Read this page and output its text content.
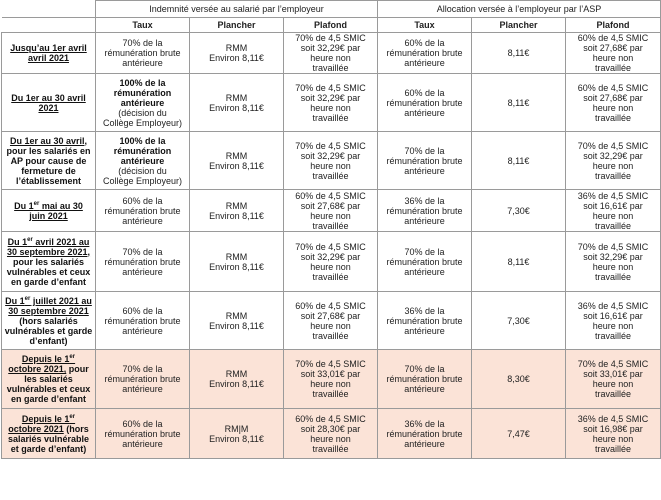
	Indemnité versée au salarié par l’employeur			Allocation versée à l’employeur par l’ASP		
	Taux	Plancher	Plafond	Taux	Plancher	Plafond

Jusqu’au 1er avril
avril 2021	70% de la
rémunération brute
antérieure	RMM
Environ 8,11€	70% de 4,5 SMIC
soit 32,29€ par
heure non
travaillée	60% de la
rémunération brute
antérieure	8,11€	60% de 4,5 SMIC
soit 27,68€ par
heure non
travaillée

Du 1er au 30 avril
2021	100% de la
rémunération
antérieure
(décision du
Collège Employeur)	RMM
Environ 8,11€	70% de 4,5 SMIC
soit 32,29€ par
heure non
travaillée	60% de la
rémunération brute
antérieure	8,11€	60% de 4,5 SMIC
soit 27,68€ par
heure non
travaillée

Du 1er au 30 avril,
pour les salariés en
AP pour cause de
fermeture de
l’établissement	100% de la
rémunération
antérieure
(décision du
Collège Employeur)	RMM
Environ 8,11€	70% de 4,5 SMIC
soit 32,29€ par
heure non
travaillée	70% de la
rémunération brute
antérieure	8,11€	70% de 4,5 SMIC
soit 32,29€ par
heure non
travaillée

Du 1er mai au 30
juin 2021	60% de la
rémunération brute
antérieure	RMM
Environ 8,11€	60% de 4,5 SMIC
soit 27,68€ par
heure non
travaillée	36% de la
rémunération brute
antérieure	7,30€	36% de 4,5 SMIC
soit 16,61€ par
heure non
travaillée

Du 1er avril 2021 au
30 septembre 2021,
pour les salariés
vulnérables et ceux
en garde d’enfant	70% de la
rémunération brute
antérieure	RMM
Environ 8,11€	70% de 4,5 SMIC
soit 32,29€ par
heure non
travaillée	70% de la
rémunération brute
antérieure	8,11€	70% de 4,5 SMIC
soit 32,29€ par
heure non
travaillée

Du 1er juillet 2021 au
30 septembre 2021
(hors salariés
vulnérables et garde
d’enfant)	60% de la
rémunération brute
antérieure	RMM
Environ 8,11€	60% de 4,5 SMIC
soit 27,68€ par
heure non
travaillée	36% de la
rémunération brute
antérieure	7,30€	36% de 4,5 SMIC
soit 16,61€ par
heure non
travaillée

Depuis le 1er
octobre 2021, pour
les salariés
vulnérables et ceux
en garde d’enfant	70% de la
rémunération brute
antérieure	RMM
Environ 8,11€	70% de 4,5 SMIC
soit 33,01€ par
heure non
travaillée	70% de la
rémunération brute
antérieure	8,30€	70% de 4,5 SMIC
soit 33,01€ par
heure non
travaillée

Depuis le 1er
octobre 2021 (hors
salariés vulnérable
et garde d’enfant)	60% de la
rémunération brute
antérieure	RM|M
Environ 8,11€	60% de 4,5 SMIC
soit 28,30€ par
heure non
travaillée	36% de la
rémunération brute
antérieure	7,47€	36% de 4,5 SMIC
soit 16,98€ par
heure non
travaillée
